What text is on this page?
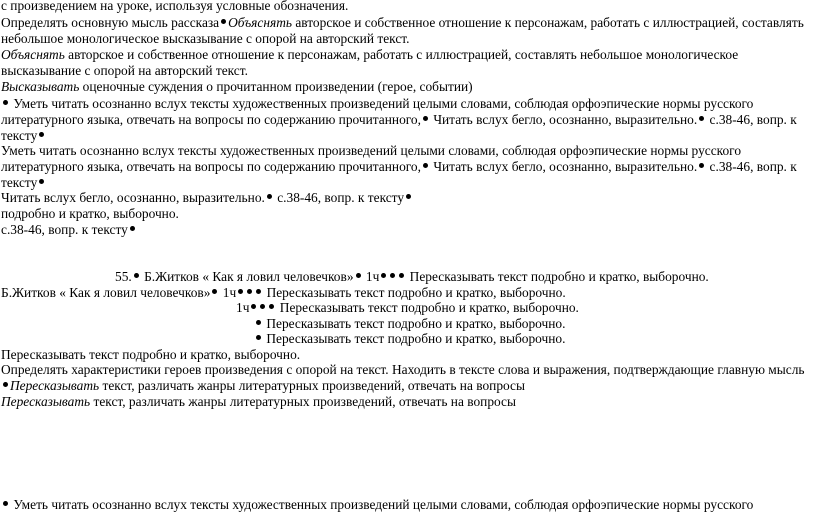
с произведением на уроке, используя условные обозначения.
Определять основную мысль рассказа Объяснять авторское и собственное отношение к персонажам, работать с иллюстрацией, составлять
небольшое монологическое высказывание с опорой на авторский текст.
Объяснять авторское и собственное отношение к персонажам, работать с иллюстрацией, составлять небольшое монологическое
высказывание с опорой на авторский текст.
Высказывать оценочные суждения о прочитанном произведении (герое, событии)
Уметь читать осознанно вслух тексты художественных произведений целыми словами, соблюдая орфоэпические нормы русского
литературного языка, отвечать на вопросы по содержанию прочитанного, Читать вслух бегло, осознанно, выразительно. с.38-46, вопр. к
тексту
Уметь читать осознанно вслух тексты художественных произведений целыми словами, соблюдая орфоэпические нормы русского
литературного языка, отвечать на вопросы по содержанию прочитанного, Читать вслух бегло, осознанно, выразительно. с.38-46, вопр. к
тексту
Читать вслух бегло, осознанно, выразительно. с.38-46, вопр. к тексту
подробно и кратко, выборочно.
с.38-46, вопр. к тексту
55. Б.Житков « Как я ловил человечков» 1ч Пересказывать текст подробно и кратко, выборочно.
Б.Житков « Как я ловил человечков» 1ч Пересказывать текст подробно и кратко, выборочно.
1ч Пересказывать текст подробно и кратко, выборочно.
Пересказывать текст подробно и кратко, выборочно.
Пересказывать текст подробно и кратко, выборочно.
Пересказывать текст подробно и кратко, выборочно.
Определять характеристики героев произведения с опорой на текст. Находить в тексте слова и выражения, подтверждающие главную мысль
Пересказывать текст, различать жанры литературных произведений, отвечать на вопросы
Пересказывать текст, различать жанры литературных произведений, отвечать на вопросы
Уметь читать осознанно вслух тексты художественных произведений целыми словами, соблюдая орфоэпические нормы русского
